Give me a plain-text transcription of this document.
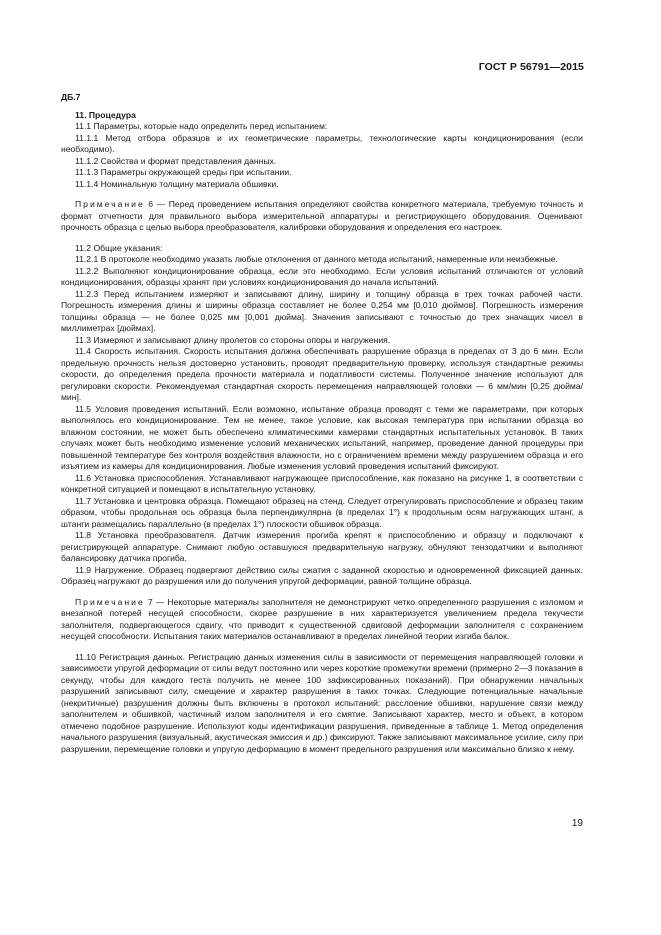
ГОСТ Р 56791—2015

ДБ.7

11. Процедура

11.1 Параметры, которые надо определить перед испытанием:

11.1.1 Метод отбора образцов и их геометрические параметры, технологические карты кондиционирования (если необходимо).

11.1.2 Свойства и формат представления данных.

11.1.3 Параметры окружающей среды при испытании.

11.1.4 Номинальную толщину материала обшивки.

Примечание 6 — Перед проведением испытания определяют свойства конкретного материала, требуемую точность и формат отчетности для правильного выбора измерительной аппаратуры и регистрирующего оборудования. Оценивают прочность образца с целью выбора преобразователя, калибровки оборудования и определения его настроек.

11.2 Общие указания:

11.2.1 В протоколе необходимо указать любые отклонения от данного метода испытаний, намеренные или неизбежные.

11.2.2 Выполняют кондиционирование образца, если это необходимо. Если условия испытаний отличаются от условий кондиционирования, образцы хранят при условиях кондиционирования до начала испытаний.

11.2.3 Перед испытанием измеряют и записывают длину, ширину и толщину образца в трех точках рабочей части. Погрешность измерения длины и ширины образца составляет не более 0,254 мм [0,010 дюймов]. Погрешность измерения толщины образца — не более 0,025 мм [0,001 дюйма]. Значения записывают с точностью до трех значащих чисел в миллиметрах [дюймах].

11.3 Измеряют и записывают длину пролетов со стороны опоры и нагружения.

11.4 Скорость испытания. Скорость испытания должна обеспечивать разрушение образца в пределах от 3 до 6 мин. Если предельную прочность нельзя достоверно установить, проводят предварительную проверку, используя стандартные режимы скорости, до определения предела прочности материала и податливости системы. Полученное значение используют для регулировки скорости. Рекомендуемая стандартная скорость перемещения направляющей головки — 6 мм/мин [0,25 дюйма/мин].

11.5 Условия проведения испытаний. Если возможно, испытание образца проводят с теми же параметрами, при которых выполнялось его кондиционирование. Тем не менее, такое условие, как высокая температура при испытании образца во влажном состоянии, не может быть обеспечено климатическими камерами стандартных испытательных установок. В таких случаях может быть необходимо изменение условий механических испытаний, например, проведение данной процедуры при повышенной температуре без контроля воздействия влажности, но с ограничением времени между разрушением образца и его изъятием из камеры для кондиционирования. Любые изменения условий проведения испытаний фиксируют.

11.6 Установка приспособления. Устанавливают нагружающее приспособление, как показано на рисунке 1, в соответствии с конкретной ситуацией и помещают в испытательную установку.

11.7 Установка и центровка образца. Помещают образец на стенд. Следует отрегулировать приспособление и образец таким образом, чтобы продольная ось образца была перпендикулярна (в пределах 1°) к продольным осям нагружающих штанг, а штанги размещались параллельно (в пределах 1°) плоскости обшивок образца.

11.8 Установка преобразователя. Датчик измерения прогиба крепят к приспособлению и образцу и подключают к регистрирующей аппаратуре. Снимают любую оставшуюся предварительную нагрузку, обнуляют тензодатчики и выполняют балансировку датчика прогиба.

11.9 Нагружение. Образец подвергают действию силы сжатия с заданной скоростью и одновременной фиксацией данных. Образец нагружают до разрушения или до получения упругой деформации, равной толщине образца.

Примечание 7 — Некоторые материалы заполнителя не демонстрируют четко определенного разрушения с изломом и внезапной потерей несущей способности, скорее разрушение в них характеризуется увеличением предела текучести заполнителя, подвергающегося сдвигу, что приводит к существенной сдвиговой деформации заполнителя с сохранением несущей способности. Испытания таких материалов останавливают в пределах линейной теории изгиба балок.

11.10 Регистрация данных. Регистрацию данных изменения силы в зависимости от перемещения направляющей головки и зависимости упругой деформации от силы ведут постоянно или через короткие промежутки времени (примерно 2—3 показания в секунду, чтобы для каждого теста получить не менее 100 зафиксированных показаний). При обнаружении начальных разрушений записывают силу, смещение и характер разрушения в таких точках. Следующие потенциальные начальные (некритичные) разрушения должны быть включены в протокол испытаний: расслоение обшивки, нарушение связи между заполнителем и обшивкой, частичный излом заполнителя и его смятие. Записывают характер, место и объект, в котором отмечено подобное разрушение. Используют коды идентификации разрушения, приведенные в таблице 1. Метод определения начального разрушения (визуальный, акустическая эмиссия и др.) фиксируют. Также записывают максимальное усилие, силу при разрушении, перемещение головки и упругую деформацию в момент предельного разрушения или максимально близко к нему.

19
